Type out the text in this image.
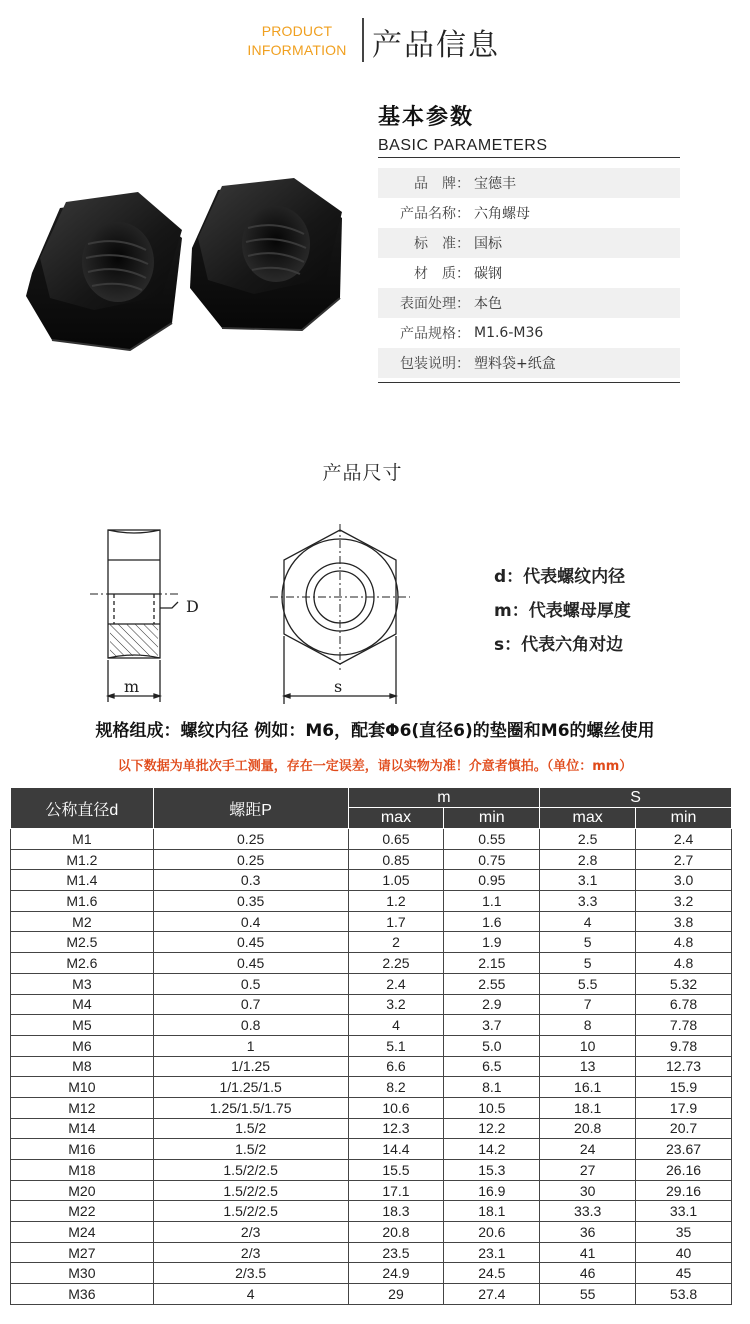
PRODUCT
INFORMATION 产品信息
基本参数
BASIC PARAMETERS
品　牌： 宝德丰
产品名称： 六角螺母
标　准： 国标
材　质： 碳钢
表面处理： 本色
产品规格： M1.6-M36
包装说明： 塑料袋+纸盒
产品尺寸
D
m	s
d：代表螺纹内径
m：代表螺母厚度
s：代表六角对边
规格组成：螺纹内径 例如：M6，配套Φ6(直径6)的垫圈和M6的螺丝使用
以下数据为单批次手工测量，存在一定误差，请以实物为准！介意者慎拍。（单位：mm）
公称直径d	螺距P	m		S	
		max	min	max	min
M1	0.25	0.65	0.55	2.5	2.4
M1.2	0.25	0.85	0.75	2.8	2.7
M1.4	0.3	1.05	0.95	3.1	3.0
M1.6	0.35	1.2	1.1	3.3	3.2
M2	0.4	1.7	1.6	4	3.8
M2.5	0.45	2	1.9	5	4.8
M2.6	0.45	2.25	2.15	5	4.8
M3	0.5	2.4	2.55	5.5	5.32
M4	0.7	3.2	2.9	7	6.78
M5	0.8	4	3.7	8	7.78
M6	1	5.1	5.0	10	9.78
M8	1/1.25	6.6	6.5	13	12.73
M10	1/1.25/1.5	8.2	8.1	16.1	15.9
M12	1.25/1.5/1.75	10.6	10.5	18.1	17.9
M14	1.5/2	12.3	12.2	20.8	20.7
M16	1.5/2	14.4	14.2	24	23.67
M18	1.5/2/2.5	15.5	15.3	27	26.16
M20	1.5/2/2.5	17.1	16.9	30	29.16
M22	1.5/2/2.5	18.3	18.1	33.3	33.1
M24	2/3	20.8	20.6	36	35
M27	2/3	23.5	23.1	41	40
M30	2/3.5	24.9	24.5	46	45
M36	4	29	27.4	55	53.8
